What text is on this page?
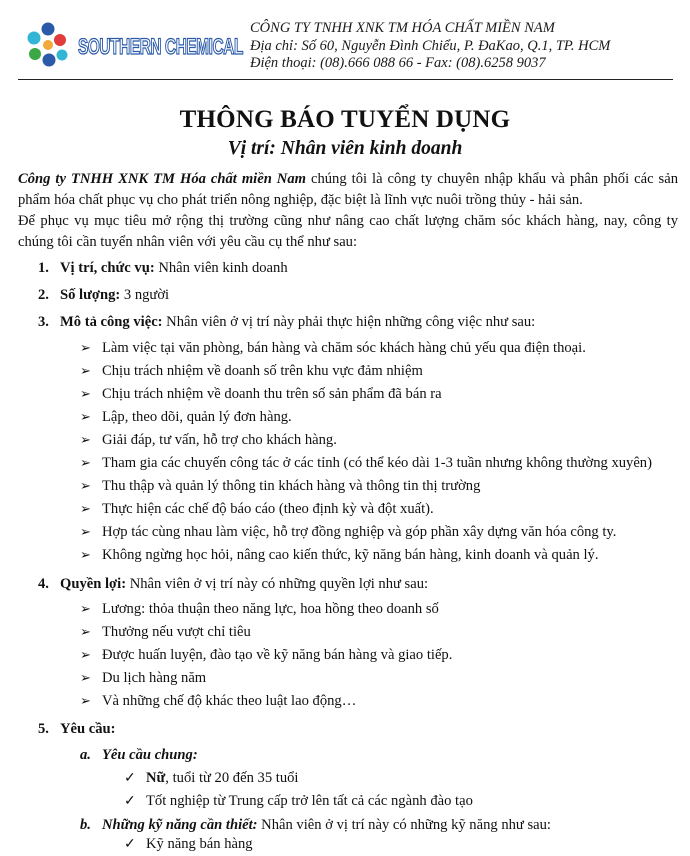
SOUTHERN CHEMICAL
CÔNG TY TNHH XNK TM HÓA CHẤT MIỀN NAM
Địa chỉ: Số 60, Nguyễn Đình Chiểu, P. ĐaKao, Q.1, TP. HCM
Điện thoại: (08).666 088 66 - Fax: (08).6258 9037
THÔNG BÁO TUYỂN DỤNG
Vị trí: Nhân viên kinh doanh
Công ty TNHH XNK TM Hóa chất miền Nam chúng tôi là công ty chuyên nhập khẩu và phân phối các sản phẩm hóa chất phục vụ cho phát triển nông nghiệp, đặc biệt là lĩnh vực nuôi trồng thủy - hải sản.
Để phục vụ mục tiêu mở rộng thị trường cũng như nâng cao chất lượng chăm sóc khách hàng, nay, công ty chúng tôi cần tuyển nhân viên với yêu cầu cụ thể như sau:
1. Vị trí, chức vụ: Nhân viên kinh doanh
2. Số lượng: 3 người
3. Mô tả công việc: Nhân viên ở vị trí này phải thực hiện những công việc như sau:
➢ Làm việc tại văn phòng, bán hàng và chăm sóc khách hàng chủ yếu qua điện thoại.
➢ Chịu trách nhiệm về doanh số trên khu vực đảm nhiệm
➢ Chịu trách nhiệm về doanh thu trên số sản phẩm đã bán ra
➢ Lập, theo dõi, quản lý đơn hàng.
➢ Giải đáp, tư vấn, hỗ trợ cho khách hàng.
➢ Tham gia các chuyến công tác ở các tỉnh (có thể kéo dài 1-3 tuần nhưng không thường xuyên)
➢ Thu thập và quản lý thông tin khách hàng và thông tin thị trường
➢ Thực hiện các chế độ báo cáo (theo định kỳ và đột xuất).
➢ Hợp tác cùng nhau làm việc, hỗ trợ đồng nghiệp và góp phần xây dựng văn hóa công ty.
➢ Không ngừng học hỏi, nâng cao kiến thức, kỹ năng bán hàng, kinh doanh và quản lý.
4. Quyền lợi: Nhân viên ở vị trí này có những quyền lợi như sau:
➢ Lương: thỏa thuận theo năng lực, hoa hồng theo doanh số
➢ Thưởng nếu vượt chỉ tiêu
➢ Được huấn luyện, đào tạo về kỹ năng bán hàng và giao tiếp.
➢ Du lịch hàng năm
➢ Và những chế độ khác theo luật lao động…
5. Yêu cầu:
a. Yêu cầu chung:
✓ Nữ, tuổi từ 20 đến 35 tuổi
✓ Tốt nghiệp từ Trung cấp trở lên tất cả các ngành đào tạo
b. Những kỹ năng cần thiết: Nhân viên ở vị trí này có những kỹ năng như sau:
✓ Kỹ năng bán hàng
